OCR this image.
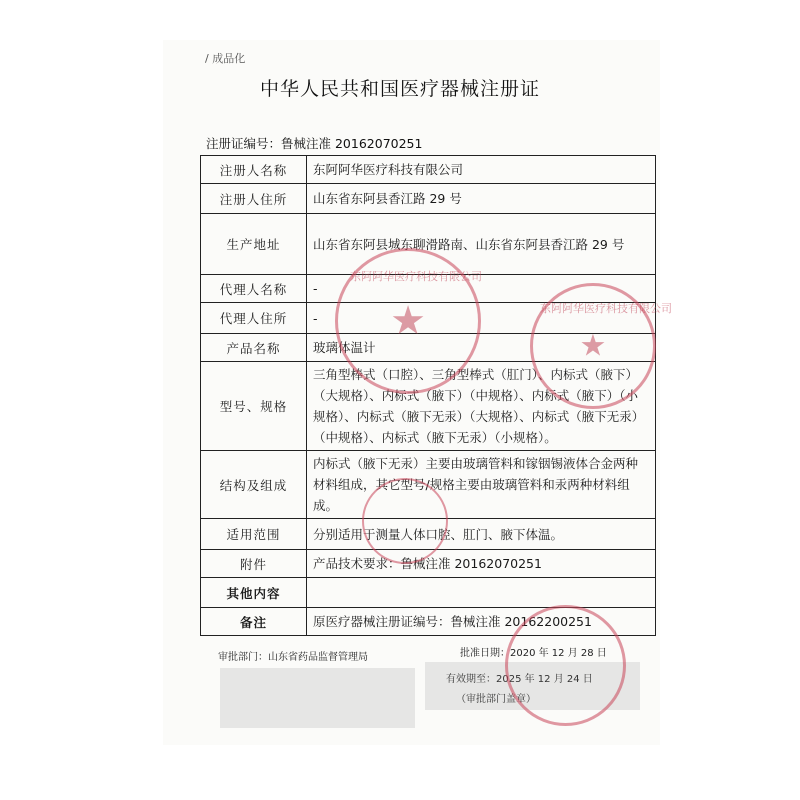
/ 成品化
中华人民共和国医疗器械注册证
注册证编号：鲁械注准 20162070251
注册人名称	东阿阿华医疗科技有限公司
注册人住所	山东省东阿县香江路 29 号
生产地址	山东省东阿县城东聊滑路南、山东省东阿县香江路 29 号
代理人名称	-
代理人住所	-
产品名称	玻璃体温计
型号、规格	三角型棒式（口腔）、三角型棒式（肛门）、内标式（腋下）（大规格）、内标式（腋下）（中规格）、内标式（腋下）（小规格）、内标式（腋下无汞）（大规格）、内标式（腋下无汞）（中规格）、内标式（腋下无汞）（小规格）。
结构及组成	内标式（腋下无汞）主要由玻璃管料和镓铟锡液体合金两种材料组成，其它型号/规格主要由玻璃管料和汞两种材料组成。
适用范围	分别适用于测量人体口腔、肛门、腋下体温。
附件	产品技术要求：鲁械注准 20162070251
其他内容	
备注	原医疗器械注册证编号：鲁械注准 20162200251
审批部门：山东省药品监督管理局	批准日期：2020 年 12 月 28 日
有效期至：2025 年 12 月 24 日
（审批部门盖章）
★
东阿阿华医疗科技有限公司
★
东阿阿华医疗科技有限公司
